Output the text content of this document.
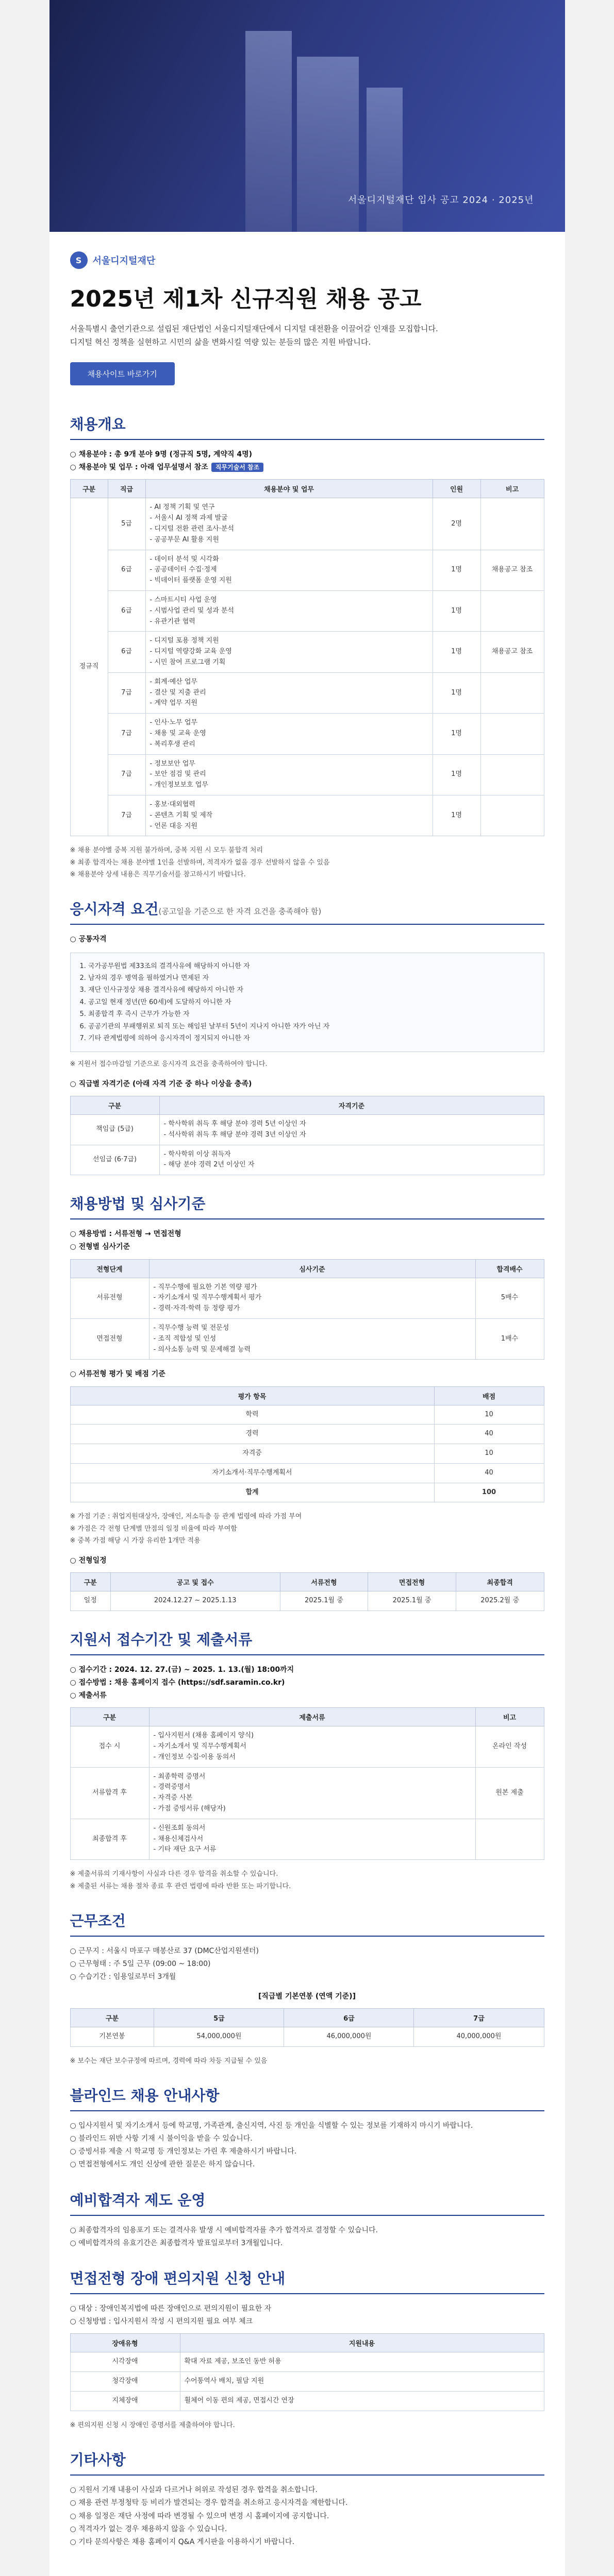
서울디지털재단 입사 공고 2024 · 2025년
S	서울디지털재단
2025년 제1차 신규직원 채용 공고
서울특별시 출연기관으로 설립된 재단법인 서울디지털재단에서 디지털 대전환을 이끌어갈 인재를 모집합니다.
디지털 혁신 정책을 실현하고 시민의 삶을 변화시킬 역량 있는 분들의 많은 지원 바랍니다.
채용사이트 바로가기
채용개요
○ 채용분야 : 총 9개 분야 9명 (정규직 5명, 계약직 4명)
○ 채용분야 및 업무 : 아래 업무설명서 참조 직무기술서 참조
구분	직급	채용분야 및 업무	인원	비고
정규직	5급	- AI 정책 기획 및 연구
- 서울시 AI 정책 과제 발굴
- 디지털 전환 관련 조사·분석
- 공공부문 AI 활용 지원	2명	
	6급	- 데이터 분석 및 시각화
- 공공데이터 수집·정제
- 빅데이터 플랫폼 운영 지원	1명	채용공고 참조
	6급	- 스마트시티 사업 운영
- 시범사업 관리 및 성과 분석
- 유관기관 협력	1명	
	6급	- 디지털 포용 정책 지원
- 디지털 역량강화 교육 운영
- 시민 참여 프로그램 기획	1명	채용공고 참조
	7급	- 회계·예산 업무
- 결산 및 지출 관리
- 계약 업무 지원	1명	
	7급	- 인사·노무 업무
- 채용 및 교육 운영
- 복리후생 관리	1명	
	7급	- 정보보안 업무
- 보안 점검 및 관리
- 개인정보보호 업무	1명	
	7급	- 홍보·대외협력
- 콘텐츠 기획 및 제작
- 언론 대응 지원	1명	
※ 채용 분야별 중복 지원 불가하며, 중복 지원 시 모두 불합격 처리
※ 최종 합격자는 채용 분야별 1인을 선발하며, 적격자가 없을 경우 선발하지 않을 수 있음
※ 채용분야 상세 내용은 직무기술서를 참고하시기 바랍니다.
응시자격 요건(공고일을 기준으로 한 자격 요건을 충족해야 함)
○ 공통자격
1. 국가공무원법 제33조의 결격사유에 해당하지 아니한 자
2. 남자의 경우 병역을 필하였거나 면제된 자
3. 재단 인사규정상 채용 결격사유에 해당하지 아니한 자
4. 공고일 현재 정년(만 60세)에 도달하지 아니한 자
5. 최종합격 후 즉시 근무가 가능한 자
6. 공공기관의 부패행위로 퇴직 또는 해임된 날부터 5년이 지나지 아니한 자가 아닌 자
7. 기타 관계법령에 의하여 응시자격이 정지되지 아니한 자
※ 지원서 접수마감일 기준으로 응시자격 요건을 충족하여야 합니다.
○ 직급별 자격기준 (아래 자격 기준 중 하나 이상을 충족)
구분	자격기준
책임급 (5급)	- 학사학위 취득 후 해당 분야 경력 5년 이상인 자
- 석사학위 취득 후 해당 분야 경력 3년 이상인 자
선임급 (6·7급)	- 학사학위 이상 취득자
- 해당 분야 경력 2년 이상인 자
채용방법 및 심사기준
○ 채용방법 : 서류전형 → 면접전형
○ 전형별 심사기준
전형단계	심사기준	합격배수
서류전형	- 직무수행에 필요한 기본 역량 평가
- 자기소개서 및 직무수행계획서 평가
- 경력·자격·학력 등 정량 평가	5배수
면접전형	- 직무수행 능력 및 전문성
- 조직 적합성 및 인성
- 의사소통 능력 및 문제해결 능력	1배수
○ 서류전형 평가 및 배점 기준
평가 항목	배점
학력	10
경력	40
자격증	10
자기소개서·직무수행계획서	40
합계	100
※ 가점 기준 : 취업지원대상자, 장애인, 저소득층 등 관계 법령에 따라 가점 부여
※ 가점은 각 전형 단계별 만점의 일정 비율에 따라 부여함
※ 중복 가점 해당 시 가장 유리한 1개만 적용
○ 전형일정
구분	공고 및 접수	서류전형	면접전형	최종합격
일정	2024.12.27 ~ 2025.1.13	2025.1월 중	2025.1월 중	2025.2월 중
지원서 접수기간 및 제출서류
○ 접수기간 : 2024. 12. 27.(금) ~ 2025. 1. 13.(월) 18:00까지
○ 접수방법 : 채용 홈페이지 접수 (https://sdf.saramin.co.kr)
○ 제출서류
구분	제출서류	비고
접수 시	- 입사지원서 (채용 홈페이지 양식)
- 자기소개서 및 직무수행계획서
- 개인정보 수집·이용 동의서	온라인 작성
서류합격 후	- 최종학력 증명서
- 경력증명서
- 자격증 사본
- 가점 증빙서류 (해당자)	원본 제출
최종합격 후	- 신원조회 동의서
- 채용신체검사서
- 기타 재단 요구 서류	
※ 제출서류의 기재사항이 사실과 다른 경우 합격을 취소할 수 있습니다.
※ 제출된 서류는 채용 절차 종료 후 관련 법령에 따라 반환 또는 파기합니다.
근무조건
○ 근무지 : 서울시 마포구 매봉산로 37 (DMC산업지원센터)
○ 근무형태 : 주 5일 근무 (09:00 ~ 18:00)
○ 수습기간 : 임용일로부터 3개월
[직급별 기본연봉 (연액 기준)]
구분	5급	6급	7급
기본연봉	54,000,000원	46,000,000원	40,000,000원
※ 보수는 재단 보수규정에 따르며, 경력에 따라 차등 지급될 수 있음
블라인드 채용 안내사항
○ 입사지원서 및 자기소개서 등에 학교명, 가족관계, 출신지역, 사진 등 개인을 식별할 수 있는 정보를 기재하지 마시기 바랍니다.
○ 블라인드 위반 사항 기재 시 불이익을 받을 수 있습니다.
○ 증빙서류 제출 시 학교명 등 개인정보는 가린 후 제출하시기 바랍니다.
○ 면접전형에서도 개인 신상에 관한 질문은 하지 않습니다.
예비합격자 제도 운영
○ 최종합격자의 임용포기 또는 결격사유 발생 시 예비합격자를 추가 합격자로 결정할 수 있습니다.
○ 예비합격자의 유효기간은 최종합격자 발표일로부터 3개월입니다.
면접전형 장애 편의지원 신청 안내
○ 대상 : 장애인복지법에 따른 장애인으로 편의지원이 필요한 자
○ 신청방법 : 입사지원서 작성 시 편의지원 필요 여부 체크
장애유형	지원내용
시각장애	확대 자료 제공, 보조인 동반 허용
청각장애	수어통역사 배치, 필담 지원
지체장애	휠체어 이동 편의 제공, 면접시간 연장
※ 편의지원 신청 시 장애인 증명서를 제출하여야 합니다.
기타사항
○ 지원서 기재 내용이 사실과 다르거나 허위로 작성된 경우 합격을 취소합니다.
○ 채용 관련 부정청탁 등 비리가 발견되는 경우 합격을 취소하고 응시자격을 제한합니다.
○ 채용 일정은 재단 사정에 따라 변경될 수 있으며 변경 시 홈페이지에 공지합니다.
○ 적격자가 없는 경우 채용하지 않을 수 있습니다.
○ 기타 문의사항은 채용 홈페이지 Q&A 게시판을 이용하시기 바랍니다.
